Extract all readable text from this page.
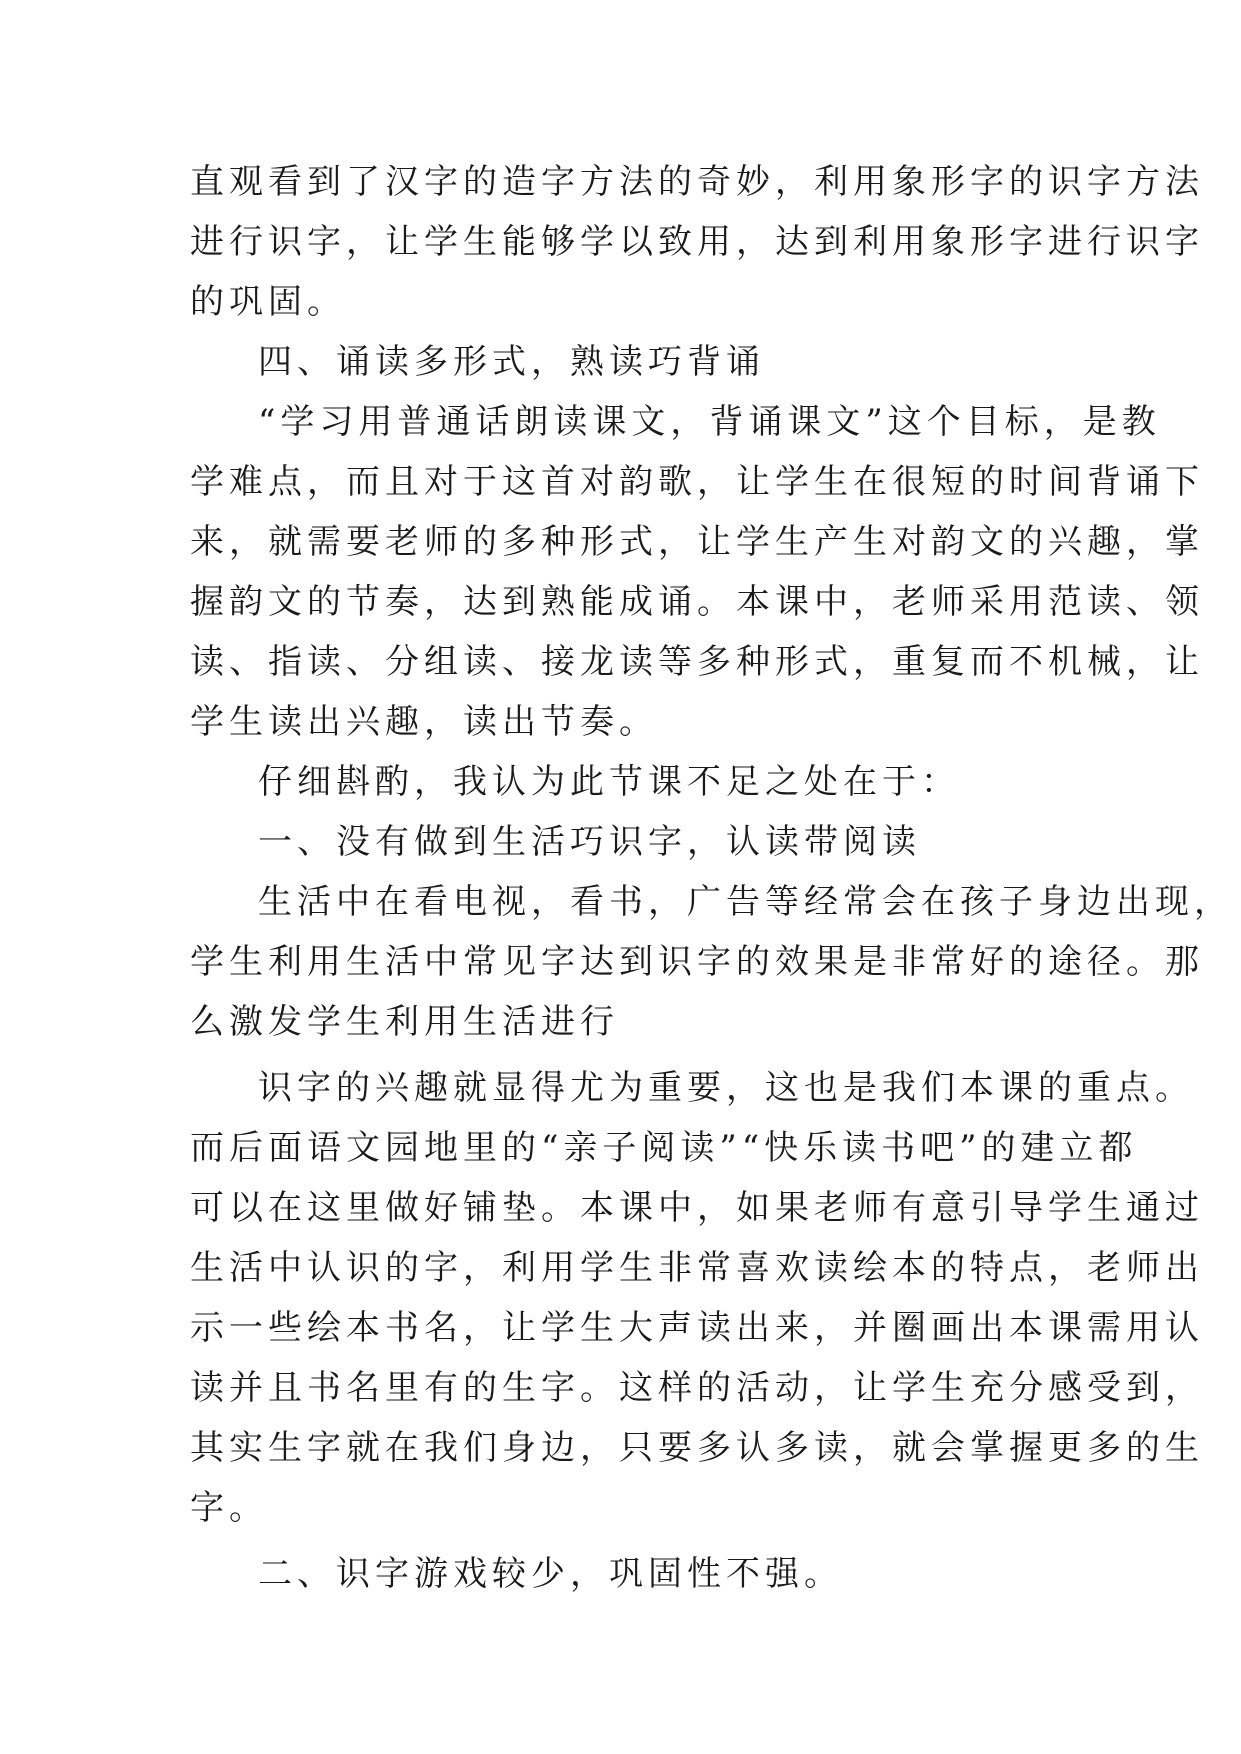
直观看到了汉字的造字方法的奇妙，利用象形字的识字方法
进行识字，让学生能够学以致用，达到利用象形字进行识字
的巩固。
四、诵读多形式，熟读巧背诵
“学习用普通话朗读课文，背诵课文”这个目标，是教
学难点，而且对于这首对韵歌，让学生在很短的时间背诵下
来，就需要老师的多种形式，让学生产生对韵文的兴趣，掌
握韵文的节奏，达到熟能成诵。本课中，老师采用范读、领
读、指读、分组读、接龙读等多种形式，重复而不机械，让
学生读出兴趣，读出节奏。
仔细斟酌，我认为此节课不足之处在于：
一、没有做到生活巧识字，认读带阅读
生活中在看电视，看书，广告等经常会在孩子身边出现，
学生利用生活中常见字达到识字的效果是非常好的途径。那
么激发学生利用生活进行
识字的兴趣就显得尤为重要，这也是我们本课的重点。
而后面语文园地里的“亲子阅读”“快乐读书吧”的建立都
可以在这里做好铺垫。本课中，如果老师有意引导学生通过
生活中认识的字，利用学生非常喜欢读绘本的特点，老师出
示一些绘本书名，让学生大声读出来，并圈画出本课需用认
读并且书名里有的生字。这样的活动，让学生充分感受到，
其实生字就在我们身边，只要多认多读，就会掌握更多的生
字。
二、识字游戏较少，巩固性不强。
